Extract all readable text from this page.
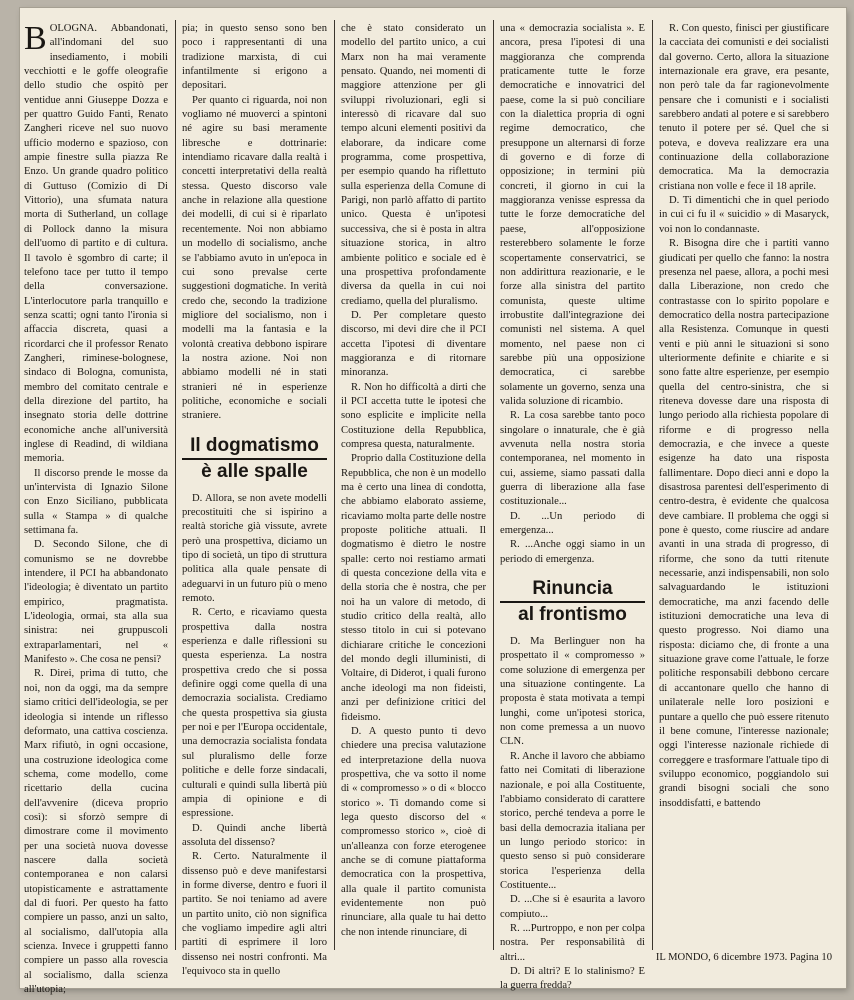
BOLOGNA. Abbandonati, all'indomani del suo insediamento, i mobili vecchiotti e le goffe oleografie dello studio che ospitò per ventidue anni Giuseppe Dozza e per quattro Guido Fanti, Renato Zangheri riceve nel suo nuovo ufficio moderno e spazioso, con ampie finestre sulla piazza Re Enzo. Un grande quadro politico di Guttuso (Comizio di Di Vittorio), una sfumata natura morta di Sutherland, un collage di Pollock danno la misura dell'uomo di partito e di cultura. Il tavolo è sgombro di carte; il telefono tace per tutto il tempo della conversazione. L'interlocutore parla tranquillo e senza scatti; ogni tanto l'ironia si affaccia discreta, quasi a ricordarci che il professor Renato Zangheri, riminese-bolognese, sindaco di Bologna, comunista, membro del comitato centrale e della direzione del partito, ha insegnato storia delle dottrine economiche anche all'università inglese di Readind, di wildiana memoria.

Il discorso prende le mosse da un'intervista di Ignazio Silone con Enzo Siciliano, pubblicata sulla « Stampa » di qualche settimana fa.

D. Secondo Silone, che di comunismo se ne dovrebbe intendere, il PCI ha abbandonato l'ideologia; è diventato un partito empirico, pragmatista. L'ideologia, ormai, sta alla sua sinistra: nei gruppuscoli extraparlamentari, nel « Manifesto ». Che cosa ne pensi?

R. Direi, prima di tutto, che noi, non da oggi, ma da sempre siamo critici dell'ideologia, se per ideologia si intende un riflesso deformato, una cattiva coscienza. Marx rifiutò, in ogni occasione, una costruzione ideologica come schema, come modello, come ricettario della cucina dell'avvenire (diceva proprio così): si sforzò sempre di dimostrare come il movimento per una società nuova dovesse nascere dalla società contemporanea e non calarsi utopisticamente e astrattamente dal di fuori. Per questo ha fatto compiere un passo, anzi un salto, al socialismo, dall'utopia alla scienza. Invece i gruppetti fanno compiere un passo alla rovescia al socialismo, dalla scienza all'utopia;

pia; in questo senso sono ben poco i rappresentanti di una tradizione marxista, di cui infantilmente si erigono a depositari.

Per quanto ci riguarda, noi non vogliamo né muoverci a spintoni né agire su basi meramente libresche e dottrinarie: intendiamo ricavare dalla realtà i concetti interpretativi della realtà stessa. Questo discorso vale anche in relazione alla questione dei modelli, di cui si è riparlato recentemente. Noi non abbiamo un modello di socialismo, anche se l'abbiamo avuto in un'epoca in cui sono prevalse certe suggestioni dogmatiche. In verità credo che, secondo la tradizione migliore del socialismo, non i modelli ma la fantasia e la volontà creativa debbono ispirare la nostra azione. Noi non abbiamo modelli né in stati stranieri né in esperienze politiche, economiche e sociali straniere.

Il dogmatismo
è alle spalle

D. Allora, se non avete modelli precostituiti che si ispirino a realtà storiche già vissute, avrete però una prospettiva, diciamo un tipo di società, un tipo di struttura politica alla quale pensate di adeguarvi in un futuro più o meno remoto.

R. Certo, e ricaviamo questa prospettiva dalla nostra esperienza e dalle riflessioni su questa esperienza. La nostra prospettiva credo che si possa definire oggi come quella di una democrazia socialista. Crediamo che questa prospettiva sia giusta per noi e per l'Europa occidentale, una democrazia socialista fondata sul pluralismo delle forze politiche e delle forze sindacali, culturali e quindi sulla libertà più ampia di opinione e di espressione.

D. Quindi anche libertà assoluta del dissenso?

R. Certo. Naturalmente il dissenso può e deve manifestarsi in forme diverse, dentro e fuori il partito. Se noi teniamo ad avere un partito unito, ciò non significa che vogliamo impedire agli altri partiti di esprimere il loro dissenso nei nostri confronti. Ma l'equivoco sta in quello

che è stato considerato un modello del partito unico, a cui Marx non ha mai veramente pensato. Quando, nei momenti di maggiore attenzione per gli sviluppi rivoluzionari, egli si interessò di ricavare dal suo tempo alcuni elementi positivi da elaborare, da indicare come programma, come prospettiva, per esempio quando ha riflettuto sulla esperienza della Comune di Parigi, non parlò affatto di partito unico. Questa è un'ipotesi successiva, che si è posta in altra situazione storica, in altro ambiente politico e sociale ed è una prospettiva profondamente diversa da quella in cui noi crediamo, quella del pluralismo.

D. Per completare questo discorso, mi devi dire che il PCI accetta l'ipotesi di diventare maggioranza e di ritornare minoranza.

R. Non ho difficoltà a dirti che il PCI accetta tutte le ipotesi che sono esplicite e implicite nella Costituzione della Repubblica, compresa questa, naturalmente.

Proprio dalla Costituzione della Repubblica, che non è un modello ma è certo una linea di condotta, che abbiamo elaborato assieme, ricaviamo molta parte delle nostre proposte politiche attuali. Il dogmatismo è dietro le nostre spalle: certo noi restiamo armati di questa concezione della vita e della storia che è nostra, che per noi ha un valore di metodo, di studio critico della realtà, allo stesso titolo in cui si potevano dichiarare critiche le concezioni del mondo degli illuministi, di Voltaire, di Diderot, i quali furono anche ideologi ma non fideisti, anzi per definizione critici del fideismo.

D. A questo punto ti devo chiedere una precisa valutazione ed interpretazione della nuova prospettiva, che va sotto il nome di « compromesso » o di « blocco storico ». Ti domando come si lega questo discorso del « compromesso storico », cioè di un'alleanza con forze eterogenee anche se di comune piattaforma democratica con la prospettiva, alla quale il partito comunista evidentemente non può rinunciare, alla quale tu hai detto che non intende rinunciare, di

una « democrazia socialista ». E ancora, presa l'ipotesi di una maggioranza che comprenda praticamente tutte le forze democratiche e innovatrici del paese, come la si può conciliare con la dialettica propria di ogni regime democratico, che presuppone un alternarsi di forze di governo e di forze di opposizione; in termini più concreti, il giorno in cui la maggioranza venisse espressa da tutte le forze democratiche del paese, all'opposizione resterebbero solamente le forze scopertamente conservatrici, se non addirittura reazionarie, e le forze alla sinistra del partito comunista, queste ultime irrobustite dall'integrazione dei comunisti nel sistema. A quel momento, nel paese non ci sarebbe più una opposizione democratica, ci sarebbe solamente un governo, senza una valida soluzione di ricambio.

R. La cosa sarebbe tanto poco singolare o innaturale, che è già avvenuta nella nostra storia contemporanea, nel momento in cui, assieme, siamo passati dalla guerra di liberazione alla fase costituzionale...

D. ...Un periodo di emergenza...

R. ...Anche oggi siamo in un periodo di emergenza.

Rinuncia
al frontismo

D. Ma Berlinguer non ha prospettato il « compromesso » come soluzione di emergenza per una situazione contingente. La proposta è stata motivata a tempi lunghi, come un'ipotesi storica, non come premessa a un nuovo CLN.

R. Anche il lavoro che abbiamo fatto nei Comitati di liberazione nazionale, e poi alla Costituente, l'abbiamo considerato di carattere storico, perché tendeva a porre le basi della democrazia italiana per un lungo periodo storico: in questo senso si può considerare storica l'esperienza della Costituente...

D. ...Che si è esaurita a lavoro compiuto...

R. ...Purtroppo, e non per colpa nostra. Per responsabilità di altri...

D. Di altri? E lo stalinismo? E la guerra fredda?

R. Con questo, finisci per giustificare la cacciata dei comunisti e dei socialisti dal governo. Certo, allora la situazione internazionale era grave, era pesante, non però tale da far ragionevolmente pensare che i comunisti e i socialisti sarebbero andati al potere e si sarebbero tenuto il potere per sé. Quel che si poteva, e doveva realizzare era una continuazione della collaborazione democratica. Ma la democrazia cristiana non volle e fece il 18 aprile.

D. Ti dimentichi che in quel periodo in cui ci fu il « suicidio » di Masaryck, voi non lo condannaste.

R. Bisogna dire che i partiti vanno giudicati per quello che fanno: la nostra presenza nel paese, allora, a pochi mesi dalla Liberazione, non credo che contrastasse con lo spirito popolare e democratico della nostra partecipazione alla Resistenza. Comunque in questi venti e più anni le situazioni si sono ulteriormente definite e chiarite e si sono fatte altre esperienze, per esempio quella del centro-sinistra, che si riteneva dovesse dare una risposta di lungo periodo alla richiesta popolare di riforme e di progresso nella democrazia, e che invece a queste esigenze ha dato una risposta fallimentare. Dopo dieci anni e dopo la disastrosa parentesi dell'esperimento di centro-destra, è evidente che qualcosa deve cambiare. Il problema che oggi si pone è questo, come riuscire ad andare avanti in una strada di progresso, di riforme, che sono da tutti ritenute necessarie, anzi indispensabili, non solo salvaguardando le istituzioni democratiche, ma anzi facendo delle istituzioni democratiche una leva di questo progresso. Noi diamo una risposta: diciamo che, di fronte a una situazione grave come l'attuale, le forze politiche responsabili debbono cercare di accantonare quello che hanno di unilaterale nelle loro posizioni e puntare a quello che può essere ritenuto il bene comune, l'interesse nazionale; oggi l'interesse nazionale richiede di correggere e trasformare l'attuale tipo di sviluppo economico, poggiandolo sui grandi bisogni sociali che sono insoddisfatti, e battendo

IL MONDO, 6 dicembre 1973. Pagina 10
